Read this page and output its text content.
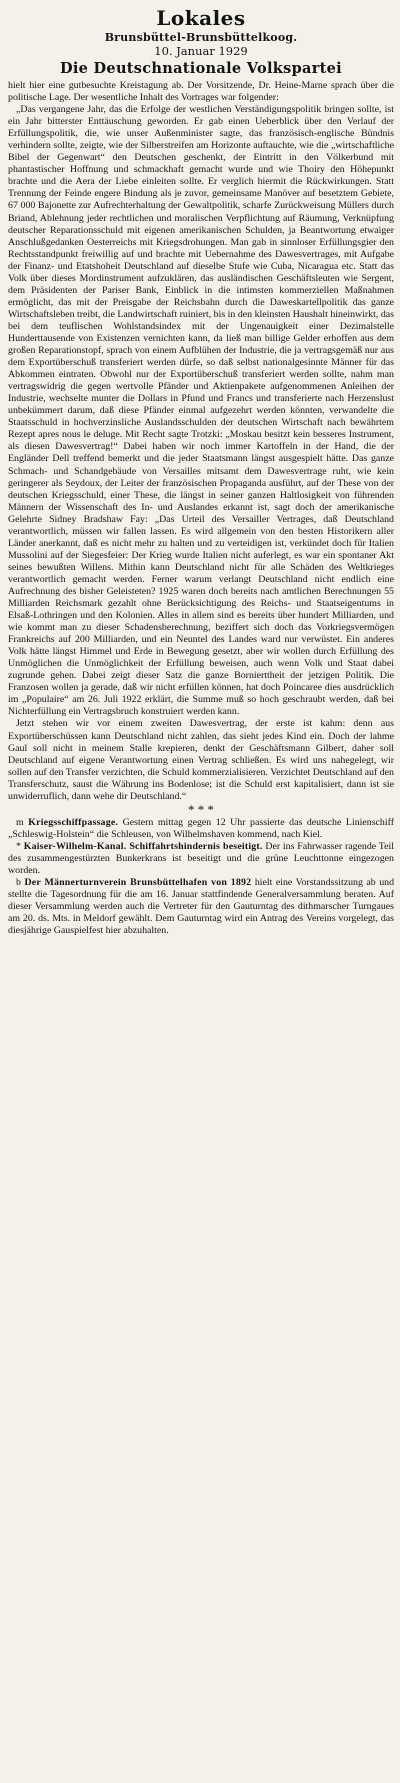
Lokales
Brunsbüttel-Brunsbüttelkoog.
10. Januar 1929
Die Deutschnationale Volkspartei

hielt hier eine gutbesuchte Kreistagung ab. Der Vorsitzende, Dr. Heine-Marne sprach über die politische Lage. Der wesentliche Inhalt des Vortrages war folgender:

„Das vergangene Jahr, das die Erfolge der westlichen Verständigungspolitik bringen sollte, ist ein Jahr bitterster Enttäuschung geworden. Er gab einen Ueberblick über den Verlauf der Erfüllungspolitik, die, wie unser Außenminister sagte, das französisch-englische Bündnis verhindern sollte, zeigte, wie der Silberstreifen am Horizonte auftauchte, wie die „wirtschaftliche Bibel der Gegenwart“ den Deutschen geschenkt, der Eintritt in den Völkerbund mit phantastischer Hoffnung und schmackhaft gemacht wurde und wie Thoiry den Höhepunkt brachte und die Aera der Liebe einleiten sollte. Er verglich hiermit die Rückwirkungen. Statt Trennung der Feinde engere Bindung als je zuvor, gemeinsame Manöver auf besetztem Gebiete, 67 000 Bajonette zur Aufrechterhaltung der Gewaltpolitik, scharfe Zurückweisung Müllers durch Briand, Ablehnung jeder rechtlichen und moralischen Verpflichtung auf Räumung, Verknüpfung deutscher Reparationsschuld mit eigenen amerikanischen Schulden, ja Beantwortung etwaiger Anschlußgedanken Oesterreichs mit Kriegsdrohungen. Man gab in sinnloser Erfüllungsgier den Rechtsstandpunkt freiwillig auf und brachte mit Uebernahme des Dawesvertrages, mit Aufgabe der Finanz- und Etatshoheit Deutschland auf dieselbe Stufe wie Cuba, Nicaragua etc. Statt das Volk über dieses Mordinstrument aufzuklären, das ausländischen Geschäftsleuten wie Sergent, dem Präsidenten der Pariser Bank, Einblick in die intimsten kommerziellen Maßnahmen ermöglicht, das mit der Preisgabe der Reichsbahn durch die Daweskartellpolitik das ganze Wirtschaftsleben treibt, die Landwirtschaft ruiniert, bis in den kleinsten Haushalt hineinwirkt, das bei dem teuflischen Wohlstandsindex mit der Ungenauigkeit einer Dezimalstelle Hunderttausende von Existenzen vernichten kann, da ließ man billige Gelder erhoffen aus dem großen Reparationstopf, sprach von einem Aufblühen der Industrie, die ja vertragsgemäß nur aus dem Exportüberschuß transferiert werden dürfe, so daß selbst nationalgesinnte Männer für das Abkommen eintraten. Obwohl nur der Exportüberschuß transferiert werden sollte, nahm man vertragswidrig die gegen wertvolle Pfänder und Aktienpakete aufgenommenen Anleihen der Industrie, wechselte munter die Dollars in Pfund und Francs und transferierte nach Herzenslust unbekümmert darum, daß diese Pfänder einmal aufgezehrt werden könnten, verwandelte die Staatsschuld in hochverzinsliche Auslandsschulden der deutschen Wirtschaft nach bewährtem Rezept apres nous le deluge. Mit Recht sagte Trotzki: „Moskau besitzt kein besseres Instrument, als diesen Dawesvertrag!“ Dabei haben wir noch immer Kartoffeln in der Hand, die der Engländer Dell treffend bemerkt und die jeder Staatsmann längst ausgespielt hätte. Das ganze Schmach- und Schandgebäude von Versailles mitsamt dem Dawesvertrage ruht, wie kein geringerer als Seydoux, der Leiter der französischen Propaganda ausführt, auf der These von der deutschen Kriegsschuld, einer These, die längst in seiner ganzen Haltlosigkeit von führenden Männern der Wissenschaft des In- und Auslandes erkannt ist, sagt doch der amerikanische Gelehrte Sidney Bradshaw Fay: „Das Urteil des Versailler Vertrages, daß Deutschland verantwortlich, müssen wir fallen lassen. Es wird allgemein von den besten Historikern aller Länder anerkannt, daß es nicht mehr zu halten und zu verteidigen ist, verkündet doch für Italien Mussolini auf der Siegesfeier: Der Krieg wurde Italien nicht auferlegt, es war ein spontaner Akt seines bewußten Willens. Mithin kann Deutschland nicht für alle Schäden des Weltkrieges verantwortlich gemacht werden. Ferner warum verlangt Deutschland nicht endlich eine Aufrechnung des bisher Geleisteten? 1925 waren doch bereits nach amtlichen Berechnungen 55 Milliarden Reichsmark gezahlt ohne Berücksichtigung des Reichs- und Staatseigentums in Elsaß-Lothringen und den Kolonien. Alles in allem sind es bereits über hundert Milliarden, und wie kommt man zu dieser Schadensberechnung, beziffert sich doch das Vorkriegsvermögen Frankreichs auf 200 Milliarden, und ein Neuntel des Landes ward nur verwüstet. Ein anderes Volk hätte längst Himmel und Erde in Bewegung gesetzt, aber wir wollen durch Erfüllung des Unmöglichen die Unmöglichkeit der Erfüllung beweisen, auch wenn Volk und Staat dabei zugrunde gehen. Dabei zeigt dieser Satz die ganze Bornierttheit der jetzigen Politik. Die Franzosen wollen ja gerade, daß wir nicht erfüllen können, hat doch Poincaree dies ausdrücklich im „Populaire“ am 26. Juli 1922 erklärt, die Summe muß so hoch geschraubt werden, daß bei Nichterfüllung ein Vertragsbruch konstruiert werden kann.

Jetzt stehen wir vor einem zweiten Dawesvertrag, der erste ist kahm: denn aus Exportüberschüssen kann Deutschland nicht zahlen, das sieht jedes Kind ein. Doch der lahme Gaul soll nicht in meinem Stalle krepieren, denkt der Geschäftsmann Gilbert, daher soll Deutschland auf eigene Verantwortung einen Vertrag schließen. Es wird uns nahegelegt, wir sollen auf den Transfer verzichten, die Schuld kommerzialisieren. Verzichtet Deutschland auf den Transferschutz, saust die Währung ins Bodenlose; ist die Schuld erst kapitalisiert, dann ist sie unwiderruflich, dann wehe dir Deutschland.“

* * *

m Kriegsschiffpassage. Gestern mittag gegen 12 Uhr passierte das deutsche Linienschiff „Schleswig-Holstein“ die Schleusen, von Wilhelmshaven kommend, nach Kiel.

* Kaiser-Wilhelm-Kanal. Schiffahrtshindernis beseitigt. Der ins Fahrwasser ragende Teil des zusammengestürzten Bunkerkrans ist beseitigt und die grüne Leuchttonne eingezogen worden.

b Der Männerturnverein Brunsbüttelhafen von 1892 hielt eine Vorstandssitzung ab und stellte die Tagesordnung für die am 16. Januar stattfindende Generalversammlung beraten. Auf dieser Versammlung werden auch die Vertreter für den Gauturntag des dithmarscher Turngaues am 20. ds. Mts. in Meldorf gewählt. Dem Gauturntag wird ein Antrag des Vereins vorgelegt, das diesjährige Gauspielfest hier abzuhalten.
